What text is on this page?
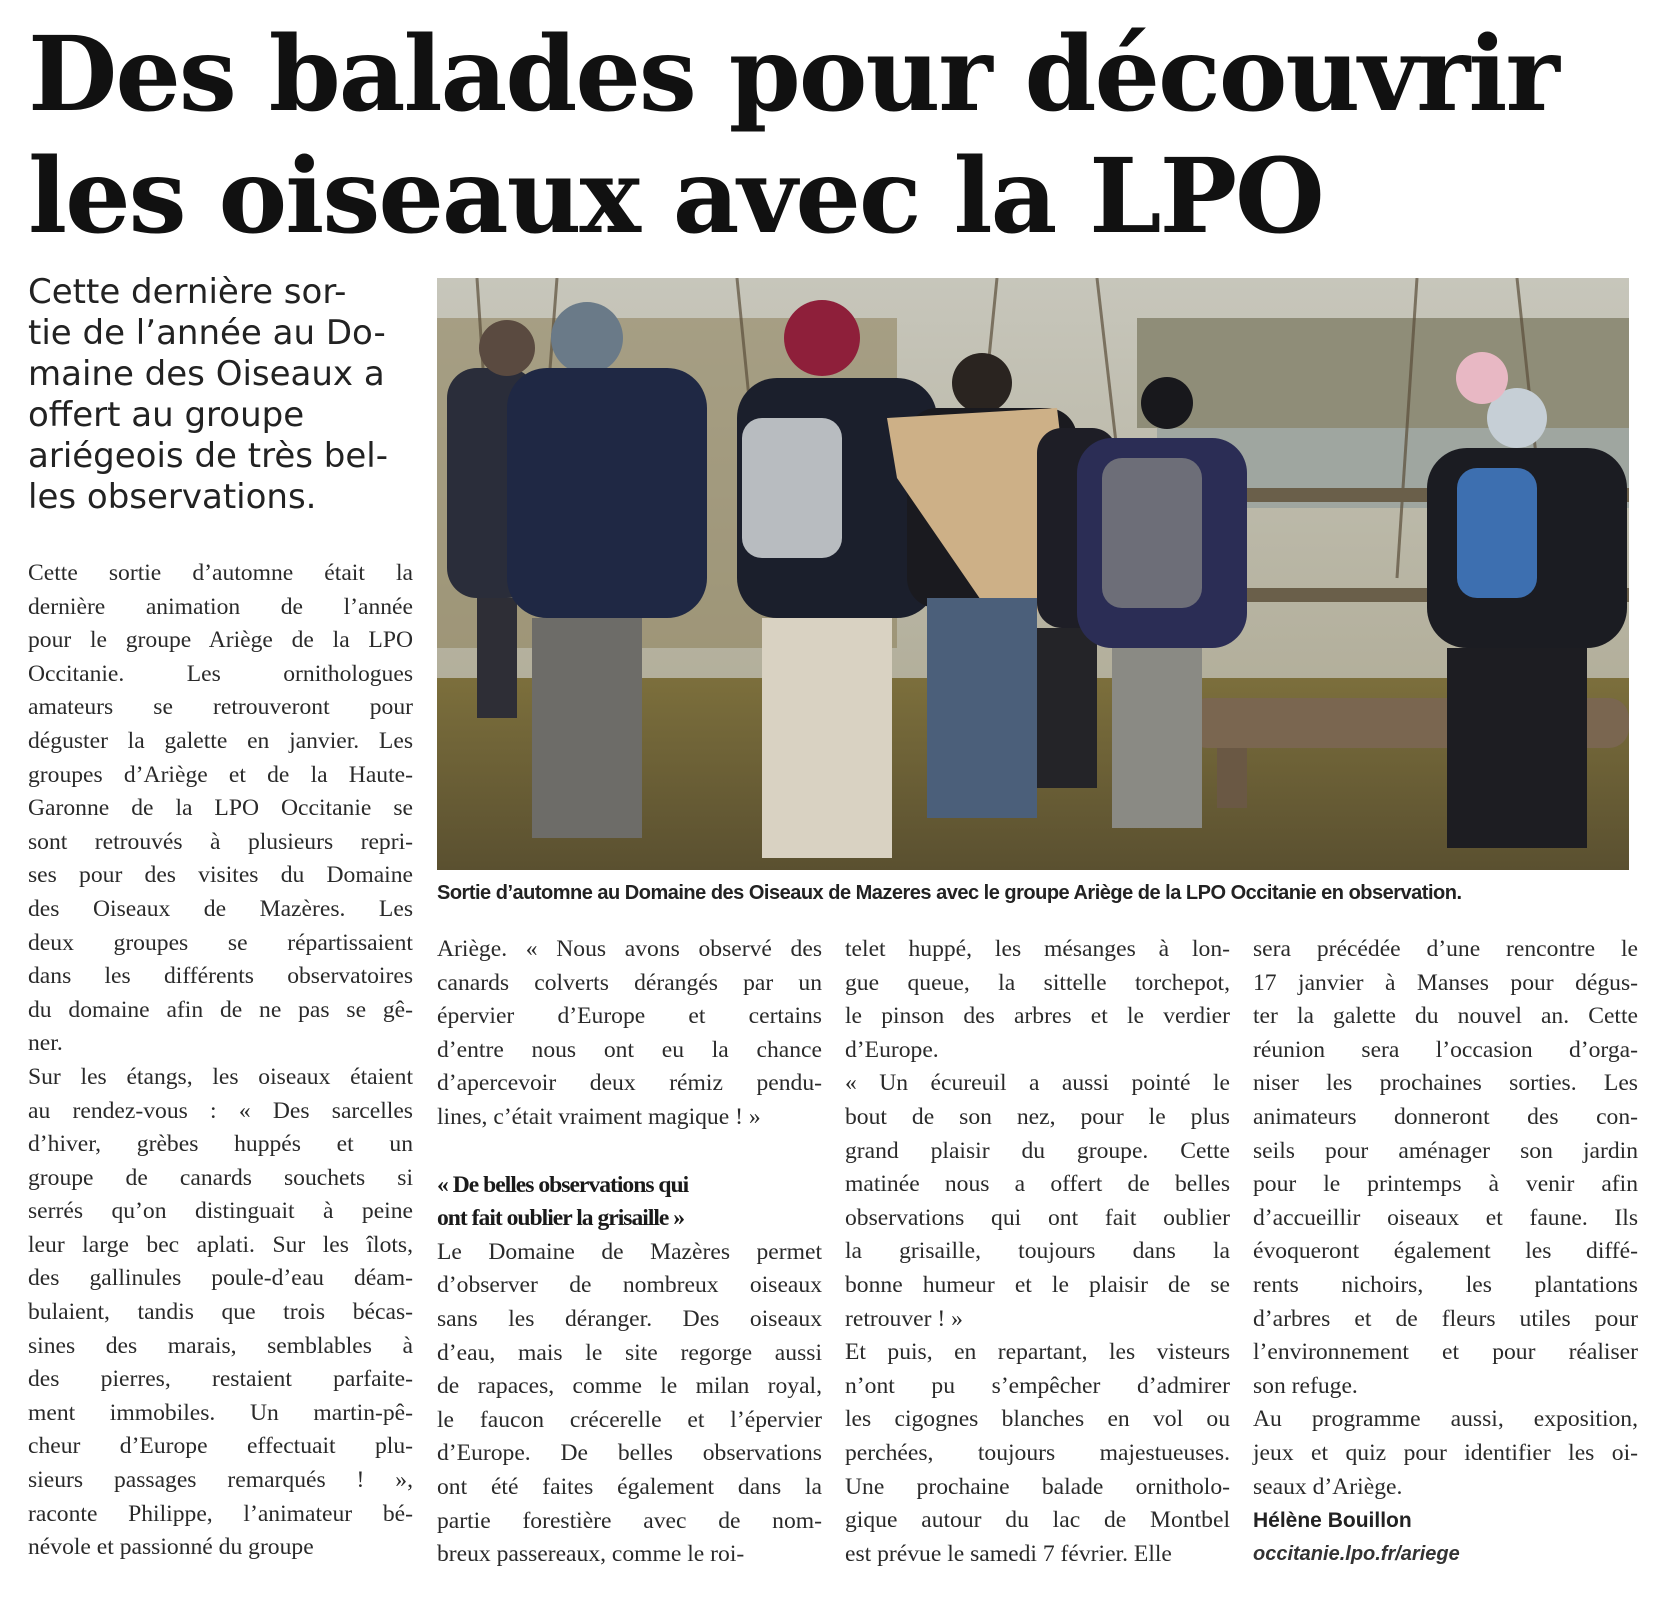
Des balades pour découvrir
les oiseaux avec la LPO
Cette dernière sor-
tie de l’année au Do-
maine des Oiseaux a
offert au groupe
ariégeois de très bel-
les observations.
Sortie d’automne au Domaine des Oiseaux de Mazeres avec le groupe Ariège de la LPO Occitanie en observation.
Cette sortie d’automne était la
dernière animation de l’année
pour le groupe Ariège de la LPO
Occitanie. Les ornithologues
amateurs se retrouveront pour
déguster la galette en janvier. Les
groupes d’Ariège et de la Haute-
Garonne de la LPO Occitanie se
sont retrouvés à plusieurs repri-
ses pour des visites du Domaine
des Oiseaux de Mazères. Les
deux groupes se répartissaient
dans les différents observatoires
du domaine afin de ne pas se gê-
ner.
Sur les étangs, les oiseaux étaient
au rendez-vous : « Des sarcelles
d’hiver, grèbes huppés et un
groupe de canards souchets si
serrés qu’on distinguait à peine
leur large bec aplati. Sur les îlots,
des gallinules poule-d’eau déam-
bulaient, tandis que trois bécas-
sines des marais, semblables à
des pierres, restaient parfaite-
ment immobiles. Un martin-pê-
cheur d’Europe effectuait plu-
sieurs passages remarqués ! »,
raconte Philippe, l’animateur bé-
névole et passionné du groupe
Ariège. « Nous avons observé des
canards colverts dérangés par un
épervier d’Europe et certains
d’entre nous ont eu la chance
d’apercevoir deux rémiz pendu-
lines, c’était vraiment magique ! »
« De belles observations qui
ont fait oublier la grisaille »
Le Domaine de Mazères permet
d’observer de nombreux oiseaux
sans les déranger. Des oiseaux
d’eau, mais le site regorge aussi
de rapaces, comme le milan royal,
le faucon crécerelle et l’épervier
d’Europe. De belles observations
ont été faites également dans la
partie forestière avec de nom-
breux passereaux, comme le roi-
telet huppé, les mésanges à lon-
gue queue, la sittelle torchepot,
le pinson des arbres et le verdier
d’Europe.
« Un écureuil a aussi pointé le
bout de son nez, pour le plus
grand plaisir du groupe. Cette
matinée nous a offert de belles
observations qui ont fait oublier
la grisaille, toujours dans la
bonne humeur et le plaisir de se
retrouver ! »
Et puis, en repartant, les visteurs
n’ont pu s’empêcher d’admirer
les cigognes blanches en vol ou
perchées, toujours majestueuses.
Une prochaine balade ornitholo-
gique autour du lac de Montbel
est prévue le samedi 7 février. Elle
sera précédée d’une rencontre le
17 janvier à Manses pour dégus-
ter la galette du nouvel an. Cette
réunion sera l’occasion d’orga-
niser les prochaines sorties. Les
animateurs donneront des con-
seils pour aménager son jardin
pour le printemps à venir afin
d’accueillir oiseaux et faune. Ils
évoqueront également les diffé-
rents nichoirs, les plantations
d’arbres et de fleurs utiles pour
l’environnement et pour réaliser
son refuge.
Au programme aussi, exposition,
jeux et quiz pour identifier les oi-
seaux d’Ariège.
Hélène Bouillon
occitanie.lpo.fr/ariege
